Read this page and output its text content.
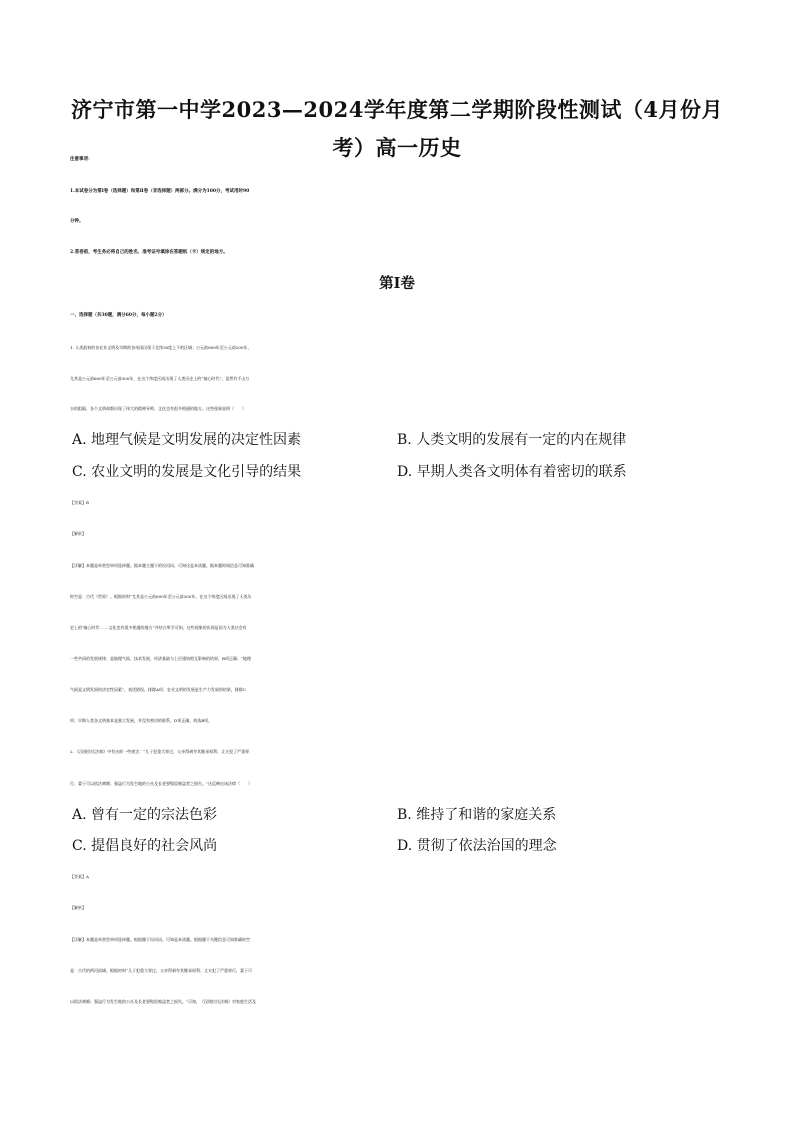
济宁市第一中学2023—2024学年度第二学期阶段性测试（4月份月
考）高一历史
注意事项：
1.本试卷分为第Ⅰ卷（选择题）和第Ⅱ卷（非选择题）两部分。满分为100分，考试用时90
分钟。
2.答卷前，考生务必将自己的姓名、准考证号填涂在答题纸（卡）规定的地方。
第Ⅰ卷
一、选择题（共30题，满分60分，每小题2分）
1. 人类最初的各农业文明及早期的各帝国出现于北纬30度上下的区域；公元前800年至公元前200年，
尤其是公元前600年至公元前300年，在这个纬度区间出现了人类历史上的“轴心时代”，虽然有千山万
水的阻隔，各个文明却都出现了伟大的精神导师，文化也有很多相通的地方。这些现象说明（　　）
A. 地理气候是文明发展的决定性因素	B. 人类文明的发展有一定的内在规律
C. 农业文明的发展是文化引导的结果	D. 早期人类各文明体有着密切的联系
【答案】B
【解析】
【详解】本题是单类型单项选择题。据本题主题干的设问词，可知这是本质题。据本题时间信息可知准确
时空是：古代（世界）。根据材料“尤其是公元前600年至公元前300年，在这个纬度区间出现了人类历
史上的‘轴心时代’……文化也有很多相通的地方”并结合所学可知，这些现象的出现是因为人类社会有
一些共同的发展规律，是地理气候、技术发展、经济基础与上层建筑相互影响的结果，B项正确；“地理
气候是文明发展的决定性因素”，表述错误，排除A项；农业文明的发展是生产力发展的结果，排除C
项；早期人类各文明基本是独立发展，并没有密切的联系，D项正确。故选B项。
2. 《汉谟拉比法典》中有这样一些规定：“儿子犯重大罪过，父亲得剥夺其继承权利；丈夫犯了严重罪
行，妻子可以依法离婚；强盗行为发生地的公社及长老要赔偿被盗者之损失。”这反映出该法律（　　）
A. 曾有一定的宗法色彩	B. 维持了和谐的家庭关系
C. 提倡良好的社会风尚	D. 贯彻了依法治国的理念
【答案】A
【解析】
【详解】本题是单类型单项选择题。根据题干设问词，可知是本质题。根据题干关键信息可知准确时空
是：古代的两河流域。根据材料“儿子犯重大罪过，父亲得剥夺其继承权利；丈夫犯了严重罪行，妻子可
以依法离婚；强盗行为发生地的公社及长老要赔偿被盗者之损失。”可知，《汉谟拉比法典》对家庭生活及
